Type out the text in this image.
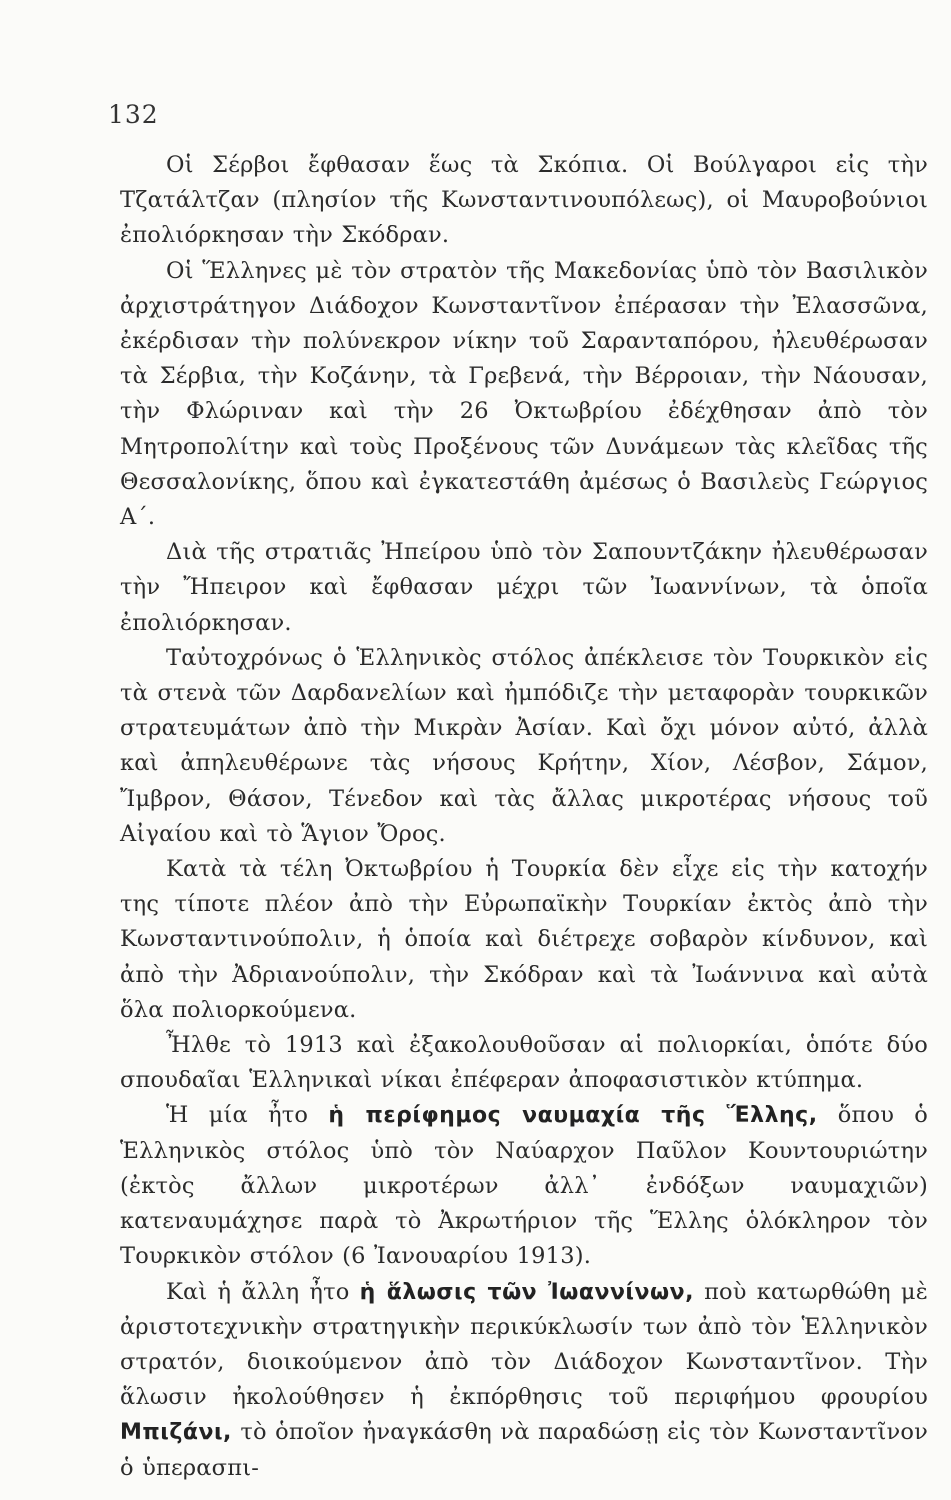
132

Οἱ Σέρβοι ἔφθασαν ἕως τὰ Σκόπια. Οἱ Βούλγαροι εἰς τὴν Τζατάλτζαν (πλησίον τῆς Κωνσταντινουπόλεως), οἱ Μαυροβούνιοι ἐπολιόρκησαν τὴν Σκόδραν.

Οἱ Ἕλληνες μὲ τὸν στρατὸν τῆς Μακεδονίας ὑπὸ τὸν Βασιλικὸν ἀρχιστράτηγον Διάδοχον Κωνσταντῖνον ἐπέρασαν τὴν Ἐλασσῶνα, ἐκέρδισαν τὴν πολύνεκρον νίκην τοῦ Σαρανταπόρου, ἠλευθέρωσαν τὰ Σέρβια, τὴν Κοζάνην, τὰ Γρεβενά, τὴν Βέρροιαν, τὴν Νάουσαν, τὴν Φλώριναν καὶ τὴν 26 Ὀκτωβρίου ἐδέχθησαν ἀπὸ τὸν Μητροπολίτην καὶ τοὺς Προξένους τῶν Δυνάμεων τὰς κλεῖδας τῆς Θεσσαλονίκης, ὅπου καὶ ἐγκατεστάθη ἀμέσως ὁ Βασιλεὺς Γεώργιος Α΄.

Διὰ τῆς στρατιᾶς Ἠπείρου ὑπὸ τὸν Σαπουντζάκην ἠλευθέρωσαν τὴν Ἤπειρον καὶ ἔφθασαν μέχρι τῶν Ἰωαννίνων, τὰ ὁποῖα ἐπολιόρκησαν.

Ταὐτοχρόνως ὁ Ἑλληνικὸς στόλος ἀπέκλεισε τὸν Τουρκικὸν εἰς τὰ στενὰ τῶν Δαρδανελίων καὶ ἠμπόδιζε τὴν μεταφορὰν τουρκικῶν στρατευμάτων ἀπὸ τὴν Μικρὰν Ἀσίαν. Καὶ ὄχι μόνον αὐτό, ἀλλὰ καὶ ἀπηλευθέρωνε τὰς νήσους Κρήτην, Χίον, Λέσβον, Σάμον, Ἴμβρον, Θάσον, Τένεδον καὶ τὰς ἄλλας μικροτέρας νήσους τοῦ Αἰγαίου καὶ τὸ Ἅγιον Ὄρος.

Κατὰ τὰ τέλη Ὀκτωβρίου ἡ Τουρκία δὲν εἶχε εἰς τὴν κατοχήν της τίποτε πλέον ἀπὸ τὴν Εὐρωπαϊκὴν Τουρκίαν ἐκτὸς ἀπὸ τὴν Κωνσταντινούπολιν, ἡ ὁποία καὶ διέτρεχε σοβαρὸν κίνδυνον, καὶ ἀπὸ τὴν Ἀδριανούπολιν, τὴν Σκόδραν καὶ τὰ Ἰωάννινα καὶ αὐτὰ ὅλα πολιορκούμενα.

Ἦλθε τὸ 1913 καὶ ἐξακολουθοῦσαν αἱ πολιορκίαι, ὁπότε δύο σπουδαῖαι Ἑλληνικαὶ νίκαι ἐπέφεραν ἀποφασιστικὸν κτύπημα.

Ἡ μία ἦτο ἡ περίφημος ναυμαχία τῆς Ἕλλης, ὅπου ὁ Ἑλληνικὸς στόλος ὑπὸ τὸν Ναύαρχον Παῦλον Κουντουριώτην (ἐκτὸς ἄλλων μικροτέρων ἀλλ᾿ ἐνδόξων ναυμαχιῶν) κατεναυμάχησε παρὰ τὸ Ἀκρωτήριον τῆς Ἕλλης ὁλόκληρον τὸν Τουρκικὸν στόλον (6 Ἰανουαρίου 1913).

Καὶ ἡ ἄλλη ἦτο ἡ ἅλωσις τῶν Ἰωαννίνων, ποὺ κατωρθώθη μὲ ἀριστοτεχνικὴν στρατηγικὴν περικύκλωσίν των ἀπὸ τὸν Ἑλληνικὸν στρατόν, διοικούμενον ἀπὸ τὸν Διάδοχον Κωνσταντῖνον. Τὴν ἅλωσιν ἠκολούθησεν ἡ ἐκπόρθησις τοῦ περιφήμου φρουρίου Μπιζάνι, τὸ ὁποῖον ἠναγκάσθη νὰ παραδώσῃ εἰς τὸν Κωνσταντῖνον ὁ ὑπερασπι-
